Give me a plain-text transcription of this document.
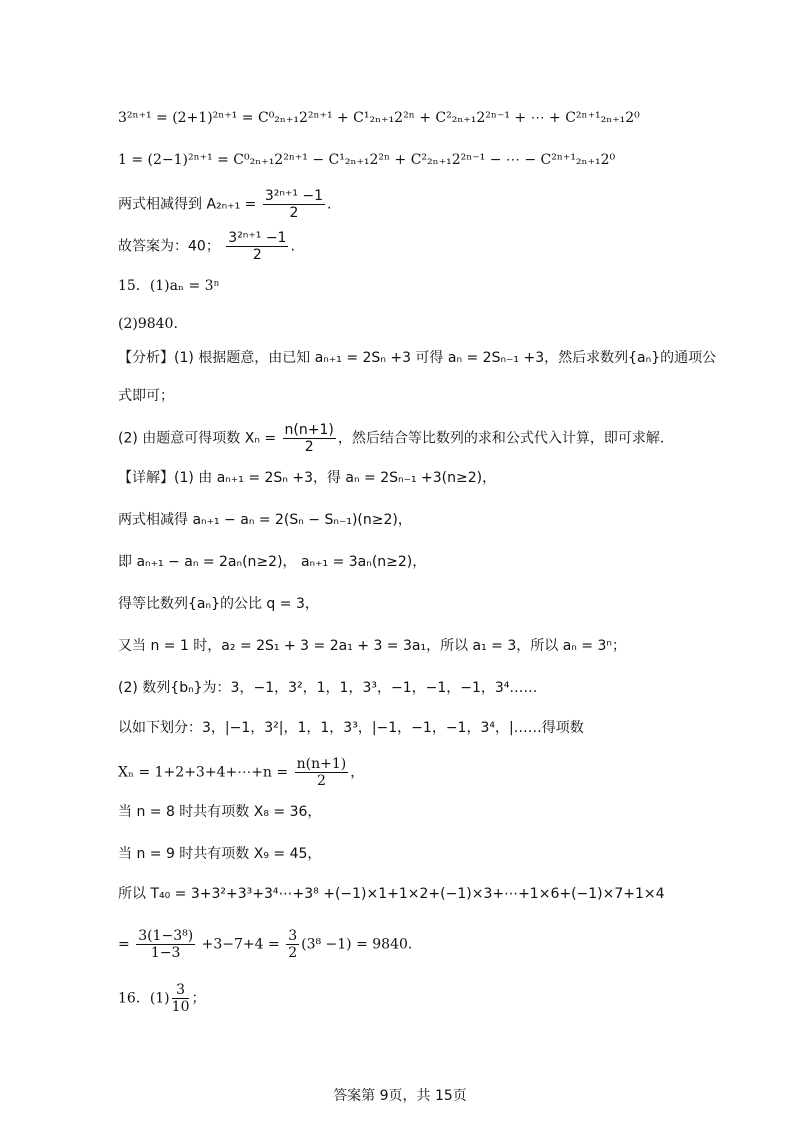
3²ⁿ⁺¹ = (2+1)²ⁿ⁺¹ = C⁰₂ₙ₊₁2²ⁿ⁺¹ + C¹₂ₙ₊₁2²ⁿ + C²₂ₙ₊₁2²ⁿ⁻¹ + ⋯ + C²ⁿ⁺¹₂ₙ₊₁2⁰
1 = (2−1)²ⁿ⁺¹ = C⁰₂ₙ₊₁2²ⁿ⁺¹ − C¹₂ₙ₊₁2²ⁿ + C²₂ₙ₊₁2²ⁿ⁻¹ − ⋯ − C²ⁿ⁺¹₂ₙ₊₁2⁰
两式相减得到 $A_{2n+1} = \frac{\text{3²ⁿ⁺¹ −1}}{2}$ .
故答案为：40； $\frac{\text{3²ⁿ⁺¹ −1}}{2}$ .
15．(1)aₙ = 3ⁿ
(2)9840.
【分析】(1) 根据题意，由已知 aₙ₊₁ = 2Sₙ +3 可得 aₙ = 2Sₙ₋₁ +3，然后求数列{aₙ}的通项公
式即可；
(2) 由题意可得项数 $X_n = \frac{n(n+1)}{2}$ ，然后结合等比数列的求和公式代入计算，即可求解．
【详解】(1) 由 aₙ₊₁ = 2Sₙ +3，得 aₙ = 2Sₙ₋₁ +3(n≥2)，
两式相减得 aₙ₊₁ − aₙ = 2(Sₙ − Sₙ₋₁)(n≥2)，
即 aₙ₊₁ − aₙ = 2aₙ(n≥2)， aₙ₊₁ = 3aₙ(n≥2)，
得等比数列{aₙ}的公比 q = 3，
又当 n = 1 时，a₂ = 2S₁ + 3 = 2a₁ + 3 = 3a₁，所以 a₁ = 3，所以 aₙ = 3ⁿ；
(2) 数列{bₙ}为：3，−1，3²，1，1，3³，−1，−1，−1，3⁴……
以如下划分：3，|−1，3²|，1，1，3³，|−1，−1，−1，3⁴，|……得项数
Xₙ = 1+2+3+4+⋯+n = $\frac{n(n+1)}{2}$ ，
当 n = 8 时共有项数 X₈ = 36，
当 n = 9 时共有项数 X₉ = 45，
所以 T₄₀ = 3+3²+3³+3⁴⋯+3⁸ +(−1)×1+1×2+(−1)×3+⋯+1×6+(−1)×7+1×4
= $\frac{\text{3(1−3⁸)}}{1-3} +3-7+4 = \frac{3}{2} (3^8 -1) = 9840$.
16．$(1) \frac{3}{10}$ ；
答案第 9页，共 15页
